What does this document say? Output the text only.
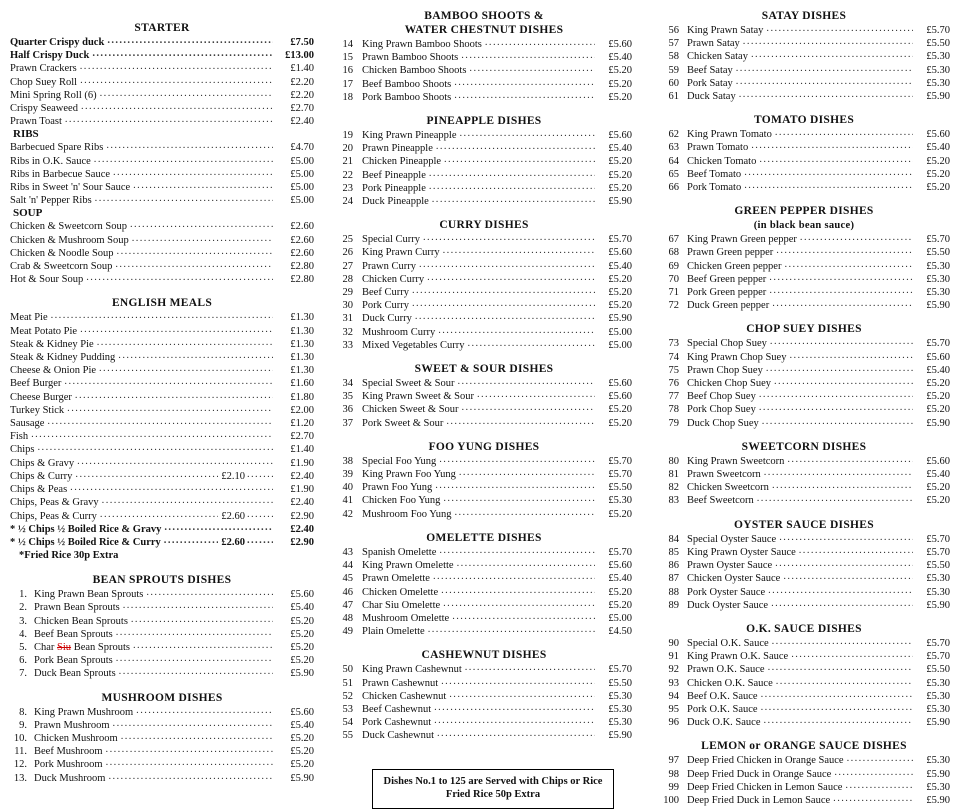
STARTER
Quarter Crispy duck .....	£7.50
Half Crispy Duck .....	£13.00
Prawn Crackers .....	£1.40
Chop Suey Roll .....	£2.20
Mini Spring Roll (6) .....	£2.20
Crispy Seaweed .....	£2.70
Prawn Toast .....	£2.40
RIBS
Barbecued Spare Ribs .....	£4.70
Ribs in O.K. Sauce .....	£5.00
Ribs in Barbecue Sauce .....	£5.00
Ribs in Sweet 'n' Sour Sauce .....	£5.00
Salt 'n' Pepper Ribs .....	£5.00
SOUP
Chicken & Sweetcorn Soup .....	£2.60
Chicken & Mushroom Soup .....	£2.60
Chicken & Noodle Soup .....	£2.60
Crab & Sweetcorn Soup .....	£2.80
Hot & Sour Soup .....	£2.80
ENGLISH MEALS
Meat Pie .....	£1.30
Meat Potato Pie .....	£1.30
Steak & Kidney Pie .....	£1.30
Steak & Kidney Pudding .....	£1.30
Cheese & Onion Pie .....	£1.30
Beef Burger .....	£1.60
Cheese Burger .....	£1.80
Turkey Stick .....	£2.00
Sausage .....	£1.20
Fish .....	£2.70
Chips .....	£1.40
Chips & Gravy .....	£1.90
Chips & Curry .....	£2.10 .....	£2.40
Chips & Peas .....	£1.90
Chips, Peas & Gravy .....	£2.40
Chips, Peas & Curry .....	£2.60 .....	£2.90
* ½ Chips ½ Boiled Rice & Gravy .....	£2.40
* ½ Chips ½ Boiled Rice & Curry .....	£2.60 .....	£2.90
*Fried Rice 30p Extra
BEAN SPROUTS DISHES
1. King Prawn Bean Sprouts .....	£5.60
2. Prawn Bean Sprouts .....	£5.40
3. Chicken Bean Sprouts .....	£5.20
4. Beef Bean Sprouts .....	£5.20
5. Char Siu Bean Sprouts .....	£5.20
6. Pork Bean Sprouts .....	£5.20
7. Duck Bean Sprouts .....	£5.90
MUSHROOM DISHES
8. King Prawn Mushroom .....	£5.60
9. Prawn Mushroom .....	£5.40
10. Chicken Mushroom .....	£5.20
11. Beef Mushroom .....	£5.20
12. Pork Mushroom .....	£5.20
13. Duck Mushroom .....	£5.90
BAMBOO SHOOTS &
WATER CHESTNUT DISHES
14 King Prawn Bamboo Shoots .....	£5.60
15 Prawn Bamboo Shoots .....	£5.40
16 Chicken Bamboo Shoots .....	£5.20
17 Beef Bamboo Shoots .....	£5.20
18 Pork Bamboo Shoots .....	£5.20
PINEAPPLE DISHES
19 King Prawn Pineapple .....	£5.60
20 Prawn Pineapple .....	£5.40
21 Chicken Pineapple .....	£5.20
22 Beef Pineapple .....	£5.20
23 Pork Pineapple .....	£5.20
24 Duck Pineapple .....	£5.90
CURRY DISHES
25 Special Curry .....	£5.70
26 King Prawn Curry .....	£5.60
27 Prawn Curry .....	£5.40
28 Chicken Curry .....	£5.20
29 Beef Curry .....	£5.20
30 Pork Curry .....	£5.20
31 Duck Curry .....	£5.90
32 Mushroom Curry .....	£5.00
33 Mixed Vegetables Curry .....	£5.00
SWEET & SOUR DISHES
34 Special Sweet & Sour .....	£5.60
35 King Prawn Sweet & Sour .....	£5.60
36 Chicken Sweet & Sour .....	£5.20
37 Pork Sweet & Sour .....	£5.20
FOO YUNG DISHES
38 Special Foo Yung .....	£5.70
39 King Prawn Foo Yung .....	£5.70
40 Prawn Foo Yung .....	£5.50
41 Chicken Foo Yung .....	£5.30
42 Mushroom Foo Yung .....	£5.20
OMELETTE DISHES
43 Spanish Omelette .....	£5.70
44 King Prawn Omelette .....	£5.60
45 Prawn Omelette .....	£5.40
46 Chicken Omelette .....	£5.20
47 Char Siu Omelette .....	£5.20
48 Mushroom Omelette .....	£5.00
49 Plain Omelette .....	£4.50
CASHEWNUT DISHES
50 King Prawn Cashewnut .....	£5.70
51 Prawn Cashewnut .....	£5.50
52 Chicken Cashewnut .....	£5.30
53 Beef Cashewnut .....	£5.30
54 Pork Cashewnut .....	£5.30
55 Duck Cashewnut .....	£5.90
Dishes No.1 to 125 are Served with Chips or Rice
Fried Rice 50p Extra
SATAY DISHES
56 King Prawn Satay .....	£5.70
57 Prawn Satay .....	£5.50
58 Chicken Satay .....	£5.30
59 Beef Satay .....	£5.30
60 Pork Satay .....	£5.30
61 Duck Satay .....	£5.90
TOMATO DISHES
62 King Prawn Tomato .....	£5.60
63 Prawn Tomato .....	£5.40
64 Chicken Tomato .....	£5.20
65 Beef Tomato .....	£5.20
66 Pork Tomato .....	£5.20
GREEN PEPPER DISHES
(in black bean sauce)
67 King Prawn Green pepper .....	£5.70
68 Prawn Green pepper .....	£5.50
69 Chicken Green pepper .....	£5.30
70 Beef Green pepper .....	£5.30
71 Pork Green pepper .....	£5.30
72 Duck Green pepper .....	£5.90
CHOP SUEY DISHES
73 Special Chop Suey .....	£5.70
74 King Prawn Chop Suey .....	£5.60
75 Prawn Chop Suey .....	£5.40
76 Chicken Chop Suey .....	£5.20
77 Beef Chop Suey .....	£5.20
78 Pork Chop Suey .....	£5.20
79 Duck Chop Suey .....	£5.90
SWEETCORN DISHES
80 King Prawn Sweetcorn .....	£5.60
81 Prawn Sweetcorn .....	£5.40
82 Chicken Sweetcorn .....	£5.20
83 Beef Sweetcorn .....	£5.20
OYSTER SAUCE DISHES
84 Special Oyster Sauce .....	£5.70
85 King Prawn Oyster Sauce .....	£5.70
86 Prawn Oyster Sauce .....	£5.50
87 Chicken Oyster Sauce .....	£5.30
88 Pork Oyster Sauce .....	£5.30
89 Duck Oyster Sauce .....	£5.90
O.K. SAUCE DISHES
90 Special O.K. Sauce .....	£5.70
91 King Prawn O.K. Sauce .....	£5.70
92 Prawn O.K. Sauce .....	£5.50
93 Chicken O.K. Sauce .....	£5.30
94 Beef O.K. Sauce .....	£5.30
95 Pork O.K. Sauce .....	£5.30
96 Duck O.K. Sauce .....	£5.90
LEMON or ORANGE SAUCE DISHES
97 Deep Fried Chicken in Orange Sauce .....	£5.30
98 Deep Fried Duck in Orange Sauce .....	£5.90
99 Deep Fried Chicken in Lemon Sauce .....	£5.30
100 Deep Fried Duck in Lemon Sauce .....	£5.90
